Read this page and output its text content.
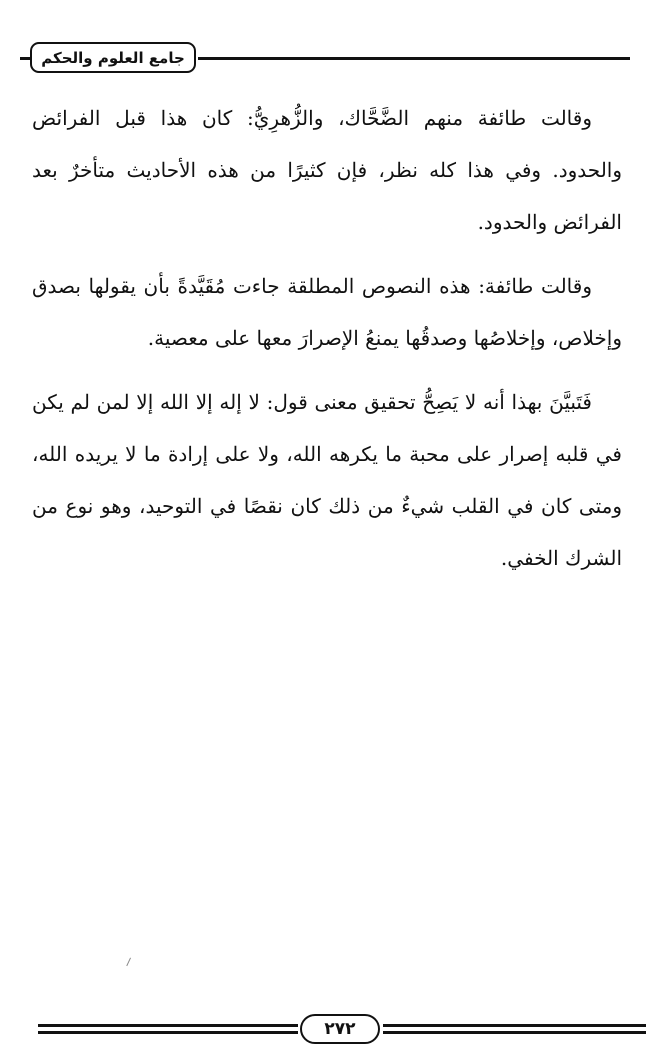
جامع العلوم والحكم

وقالت طائفة منهم الضَّحَّاك، والزُّهرِيُّ: كان هذا قبل الفرائض والحدود. وفي هذا كله نظر، فإن كثيرًا من هذه الأحاديث متأخرٌ بعد الفرائض والحدود.

وقالت طائفة: هذه النصوص المطلقة جاءت مُقَيَّدةً بأن يقولها بصدق وإخلاص، وإخلاصُها وصدقُها يمنعُ الإصرارَ معها على معصية.

فَتَبيَّنَ بهذا أنه لا يَصِحُّ تحقيق معنى قول: لا إله إلا الله إلا لمن لم يكن في قلبه إصرار على محبة ما يكرهه الله، ولا على إرادة ما لا يريده الله، ومتى كان في القلب شيءٌ من ذلك كان نقصًا في التوحيد، وهو نوع من الشرك الخفي.

٢٧٢
